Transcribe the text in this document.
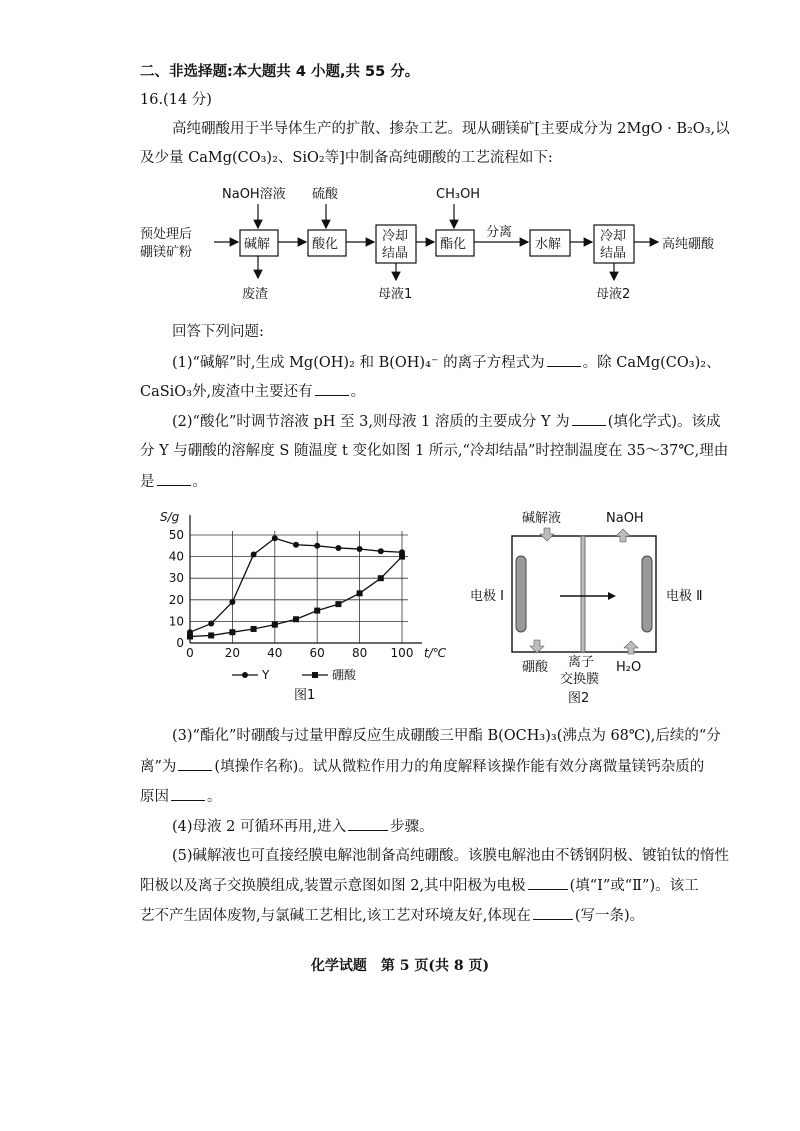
二、非选择题:本大题共 4 小题,共 55 分。
16.(14 分)
高纯硼酸用于半导体生产的扩散、掺杂工艺。现从硼镁矿[主要成分为 2MgO · B₂O₃,以
及少量 CaMg(CO₃)₂、SiO₂等]中制备高纯硼酸的工艺流程如下:
预处理后
硼镁矿粉
NaOH溶液 硫酸	CH₃OH
碱解	酸化
冷却
结晶
酯化
分离
水解
冷却
结晶
高纯硼酸
废渣	母液1	母液2
回答下列问题:
(1)“碱解”时,生成 Mg(OH)₂ 和 B(OH)₄⁻ 的离子方程式为	。除 CaMg(CO₃)₂、
CaSiO₃外,废渣中主要还有	。
(2)“酸化”时调节溶液 pH 至 3,则母液 1 溶质的主要成分 Y 为	(填化学式)。该成
分 Y 与硼酸的溶解度 S 随温度 t 变化如图 1 所示,“冷却结晶”时控制温度在 35～37℃,理由
是	。
0	20 40 60 80 100
0
10
20
30
40
50
S/g
t/℃
Y	硼酸
图1
碱解液	NaOH
电极 Ⅰ	电极 Ⅱ
硼酸 离子
交换膜
H₂O
图2
(3)“酯化”时硼酸与过量甲醇反应生成硼酸三甲酯 B(OCH₃)₃(沸点为 68℃),后续的“分
离”为	(填操作名称)。试从微粒作用力的角度解释该操作能有效分离微量镁钙杂质的
原因	。
(4)母液 2 可循环再用,进入	步骤。
(5)碱解液也可直接经膜电解池制备高纯硼酸。该膜电解池由不锈钢阴极、镀铂钛的惰性
阳极以及离子交换膜组成,装置示意图如图 2,其中阳极为电极	(填“Ⅰ”或“Ⅱ”)。该工
艺不产生固体废物,与氯碱工艺相比,该工艺对环境友好,体现在	(写一条)。
化学试题　第 5 页(共 8 页)
